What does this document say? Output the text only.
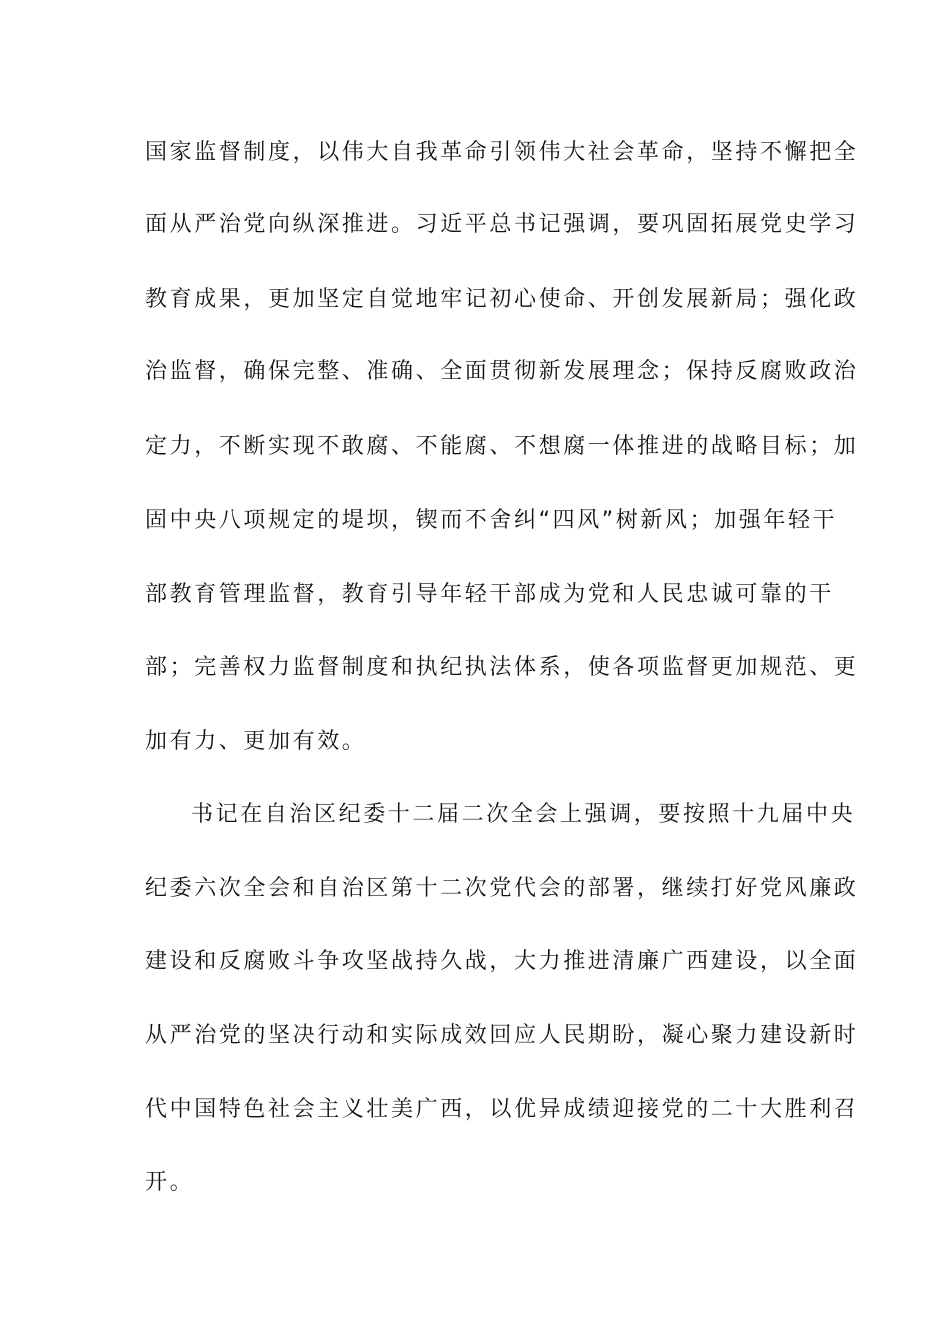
国家监督制度，以伟大自我革命引领伟大社会革命，坚持不懈把全
面从严治党向纵深推进。习近平总书记强调，要巩固拓展党史学习
教育成果，更加坚定自觉地牢记初心使命、开创发展新局；强化政
治监督，确保完整、准确、全面贯彻新发展理念；保持反腐败政治
定力，不断实现不敢腐、不能腐、不想腐一体推进的战略目标；加
固中央八项规定的堤坝，锲而不舍纠“四风”树新风；加强年轻干
部教育管理监督，教育引导年轻干部成为党和人民忠诚可靠的干
部；完善权力监督制度和执纪执法体系，使各项监督更加规范、更
加有力、更加有效。
书记在自治区纪委十二届二次全会上强调，要按照十九届中央
纪委六次全会和自治区第十二次党代会的部署，继续打好党风廉政
建设和反腐败斗争攻坚战持久战，大力推进清廉广西建设，以全面
从严治党的坚决行动和实际成效回应人民期盼，凝心聚力建设新时
代中国特色社会主义壮美广西，以优异成绩迎接党的二十大胜利召
开。
